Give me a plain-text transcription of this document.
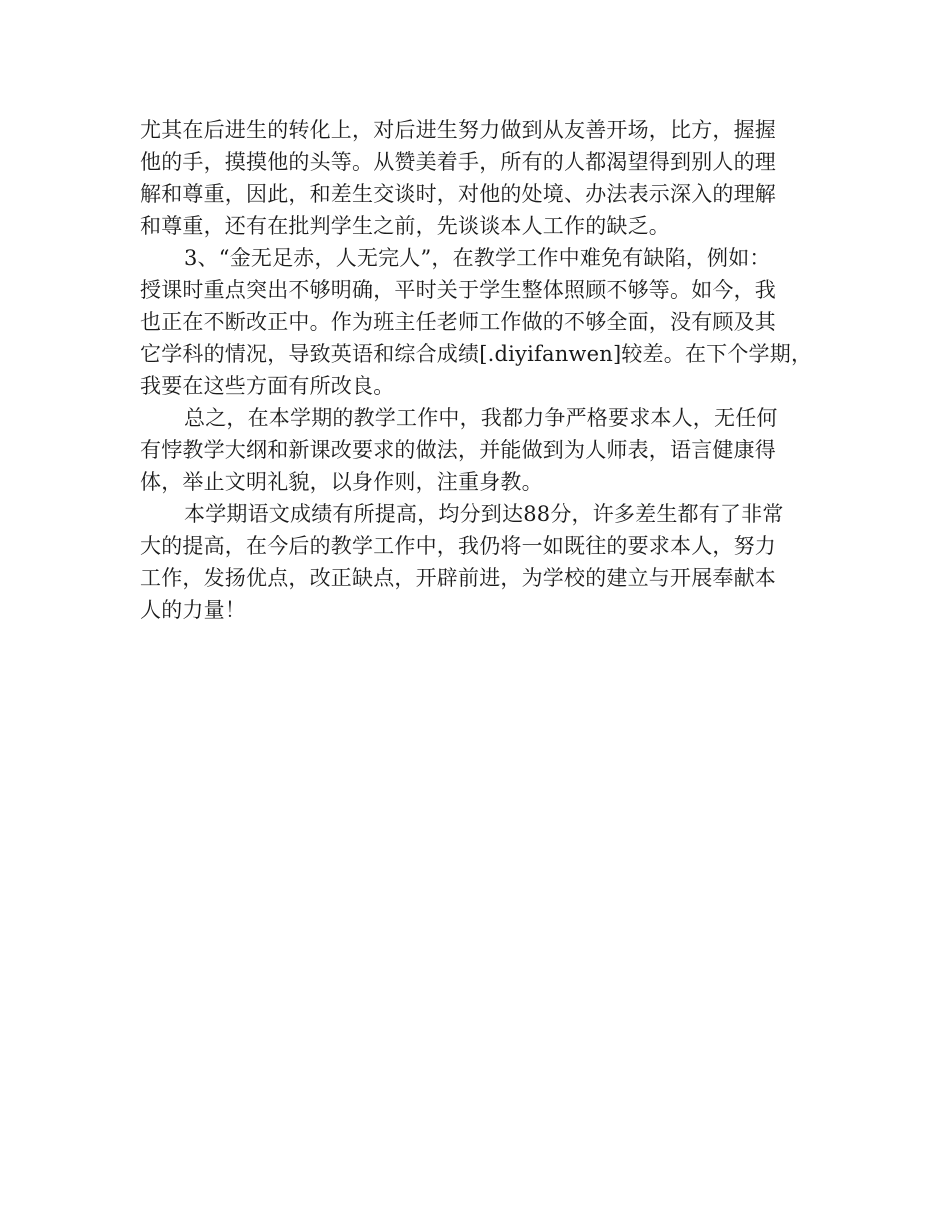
尤其在后进生的转化上，对后进生努力做到从友善开场，比方，握握
他的手，摸摸他的头等。从赞美着手，所有的人都渴望得到别人的理
解和尊重，因此，和差生交谈时，对他的处境、办法表示深入的理解
和尊重，还有在批判学生之前，先谈谈本人工作的缺乏。
3、“金无足赤，人无完人”，在教学工作中难免有缺陷，例如：
授课时重点突出不够明确，平时关于学生整体照顾不够等。如今，我
也正在不断改正中。作为班主任老师工作做的不够全面，没有顾及其
它学科的情况，导致英语和综合成绩[.diyifanwen]较差。在下个学期，
我要在这些方面有所改良。
总之，在本学期的教学工作中，我都力争严格要求本人，无任何
有悖教学大纲和新课改要求的做法，并能做到为人师表，语言健康得
体，举止文明礼貌，以身作则，注重身教。
本学期语文成绩有所提高，均分到达88分，许多差生都有了非常
大的提高，在今后的教学工作中，我仍将一如既往的要求本人，努力
工作，发扬优点，改正缺点，开辟前进，为学校的建立与开展奉献本
人的力量！
